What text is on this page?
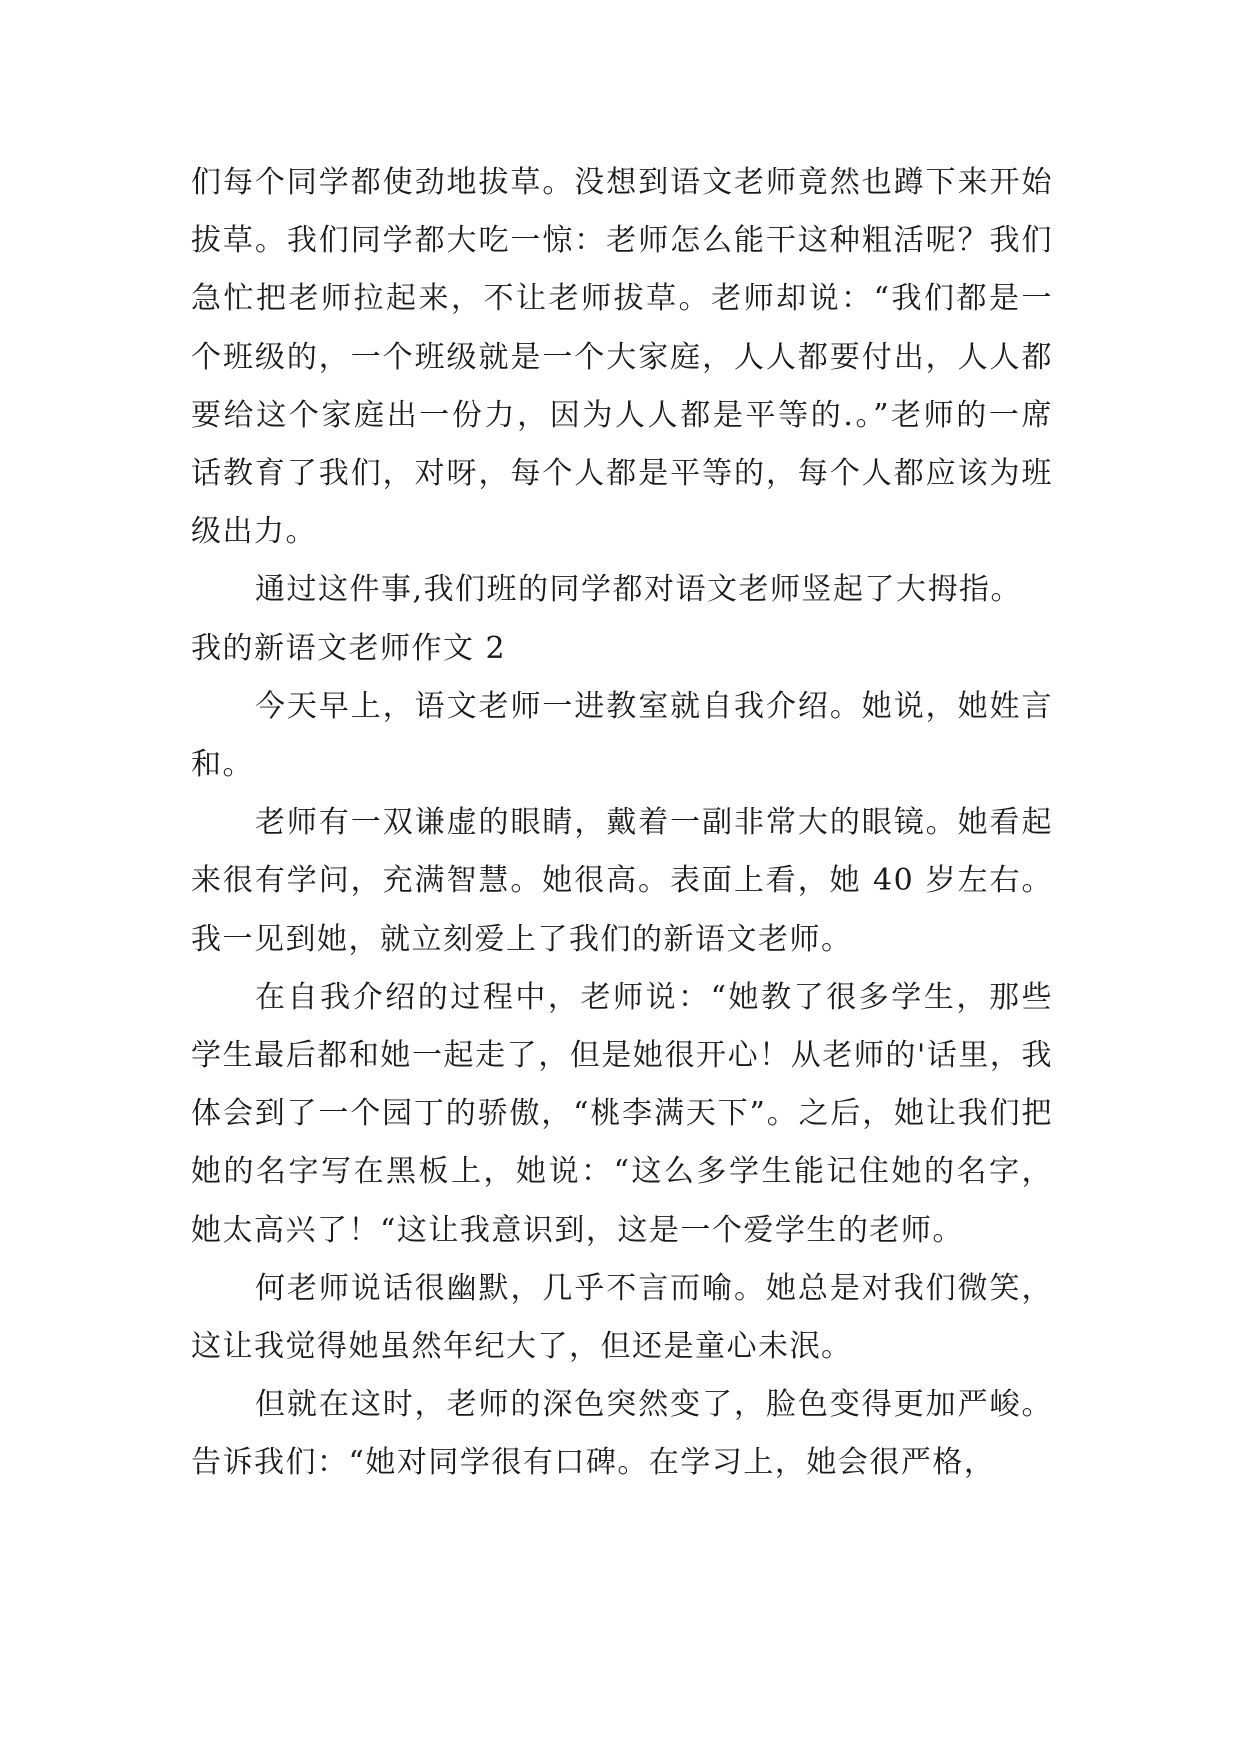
们每个同学都使劲地拔草。没想到语文老师竟然也蹲下来开始拔草。我们同学都大吃一惊：老师怎么能干这种粗活呢？我们急忙把老师拉起来，不让老师拔草。老师却说：“我们都是一个班级的，一个班级就是一个大家庭，人人都要付出，人人都要给这个家庭出一份力，因为人人都是平等的.。”老师的一席话教育了我们，对呀，每个人都是平等的，每个人都应该为班级出力。

通过这件事,我们班的同学都对语文老师竖起了大拇指。

我的新语文老师作文 2

今天早上，语文老师一进教室就自我介绍。她说，她姓言和。

老师有一双谦虚的眼睛，戴着一副非常大的眼镜。她看起来很有学问，充满智慧。她很高。表面上看，她 40 岁左右。我一见到她，就立刻爱上了我们的新语文老师。

在自我介绍的过程中，老师说：“她教了很多学生，那些学生最后都和她一起走了，但是她很开心！从老师的'话里，我体会到了一个园丁的骄傲，“桃李满天下”。之后，她让我们把她的名字写在黑板上，她说：“这么多学生能记住她的名字，她太高兴了！“这让我意识到，这是一个爱学生的老师。

何老师说话很幽默，几乎不言而喻。她总是对我们微笑，这让我觉得她虽然年纪大了，但还是童心未泯。

但就在这时，老师的深色突然变了，脸色变得更加严峻。告诉我们：“她对同学很有口碑。在学习上，她会很严格，
